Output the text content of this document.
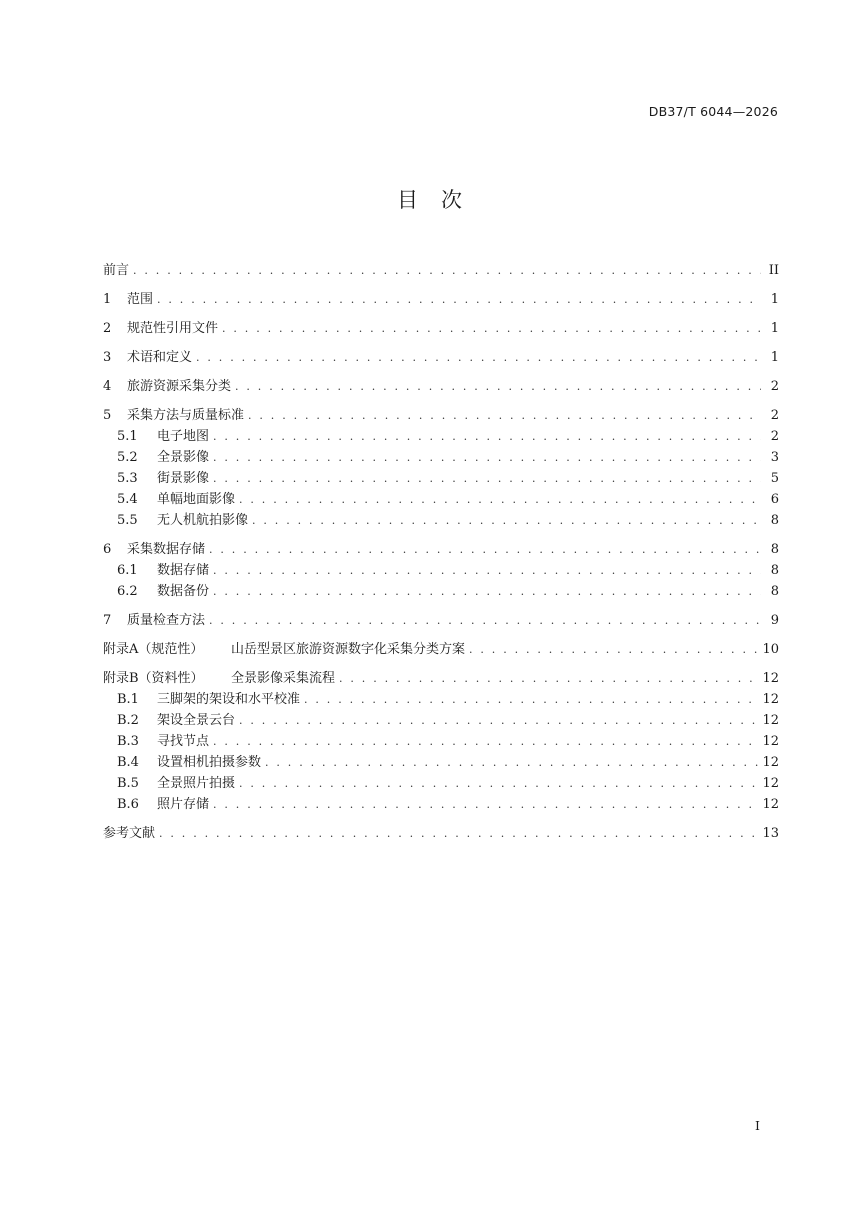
DB37/T 6044—2026
目　次
前言 . . .	II
1 范围 . . .	1
2 规范性引用文件 . . .	1
3 术语和定义 . . .	1
4 旅游资源采集分类 . . .	2
5 采集方法与质量标准 . . .	2
5.1 电子地图 . . .	2
5.2 全景影像 . . .	3
5.3 街景影像 . . .	5
5.4 单幅地面影像 . . .	6
5.5 无人机航拍影像 . . .	8
6 采集数据存储 . . .	8
6.1 数据存储 . . .	8
6.2 数据备份 . . .	8
7 质量检查方法 . . .	9
附录A（规范性） 山岳型景区旅游资源数字化采集分类方案 . . .	10
附录B（资料性） 全景影像采集流程 . . .	12
B.1 三脚架的架设和水平校准 . . .	12
B.2 架设全景云台 . . .	12
B.3 寻找节点 . . .	12
B.4 设置相机拍摄参数 . . .	12
B.5 全景照片拍摄 . . .	12
B.6 照片存储 . . .	12
参考文献 . . .	13
I
